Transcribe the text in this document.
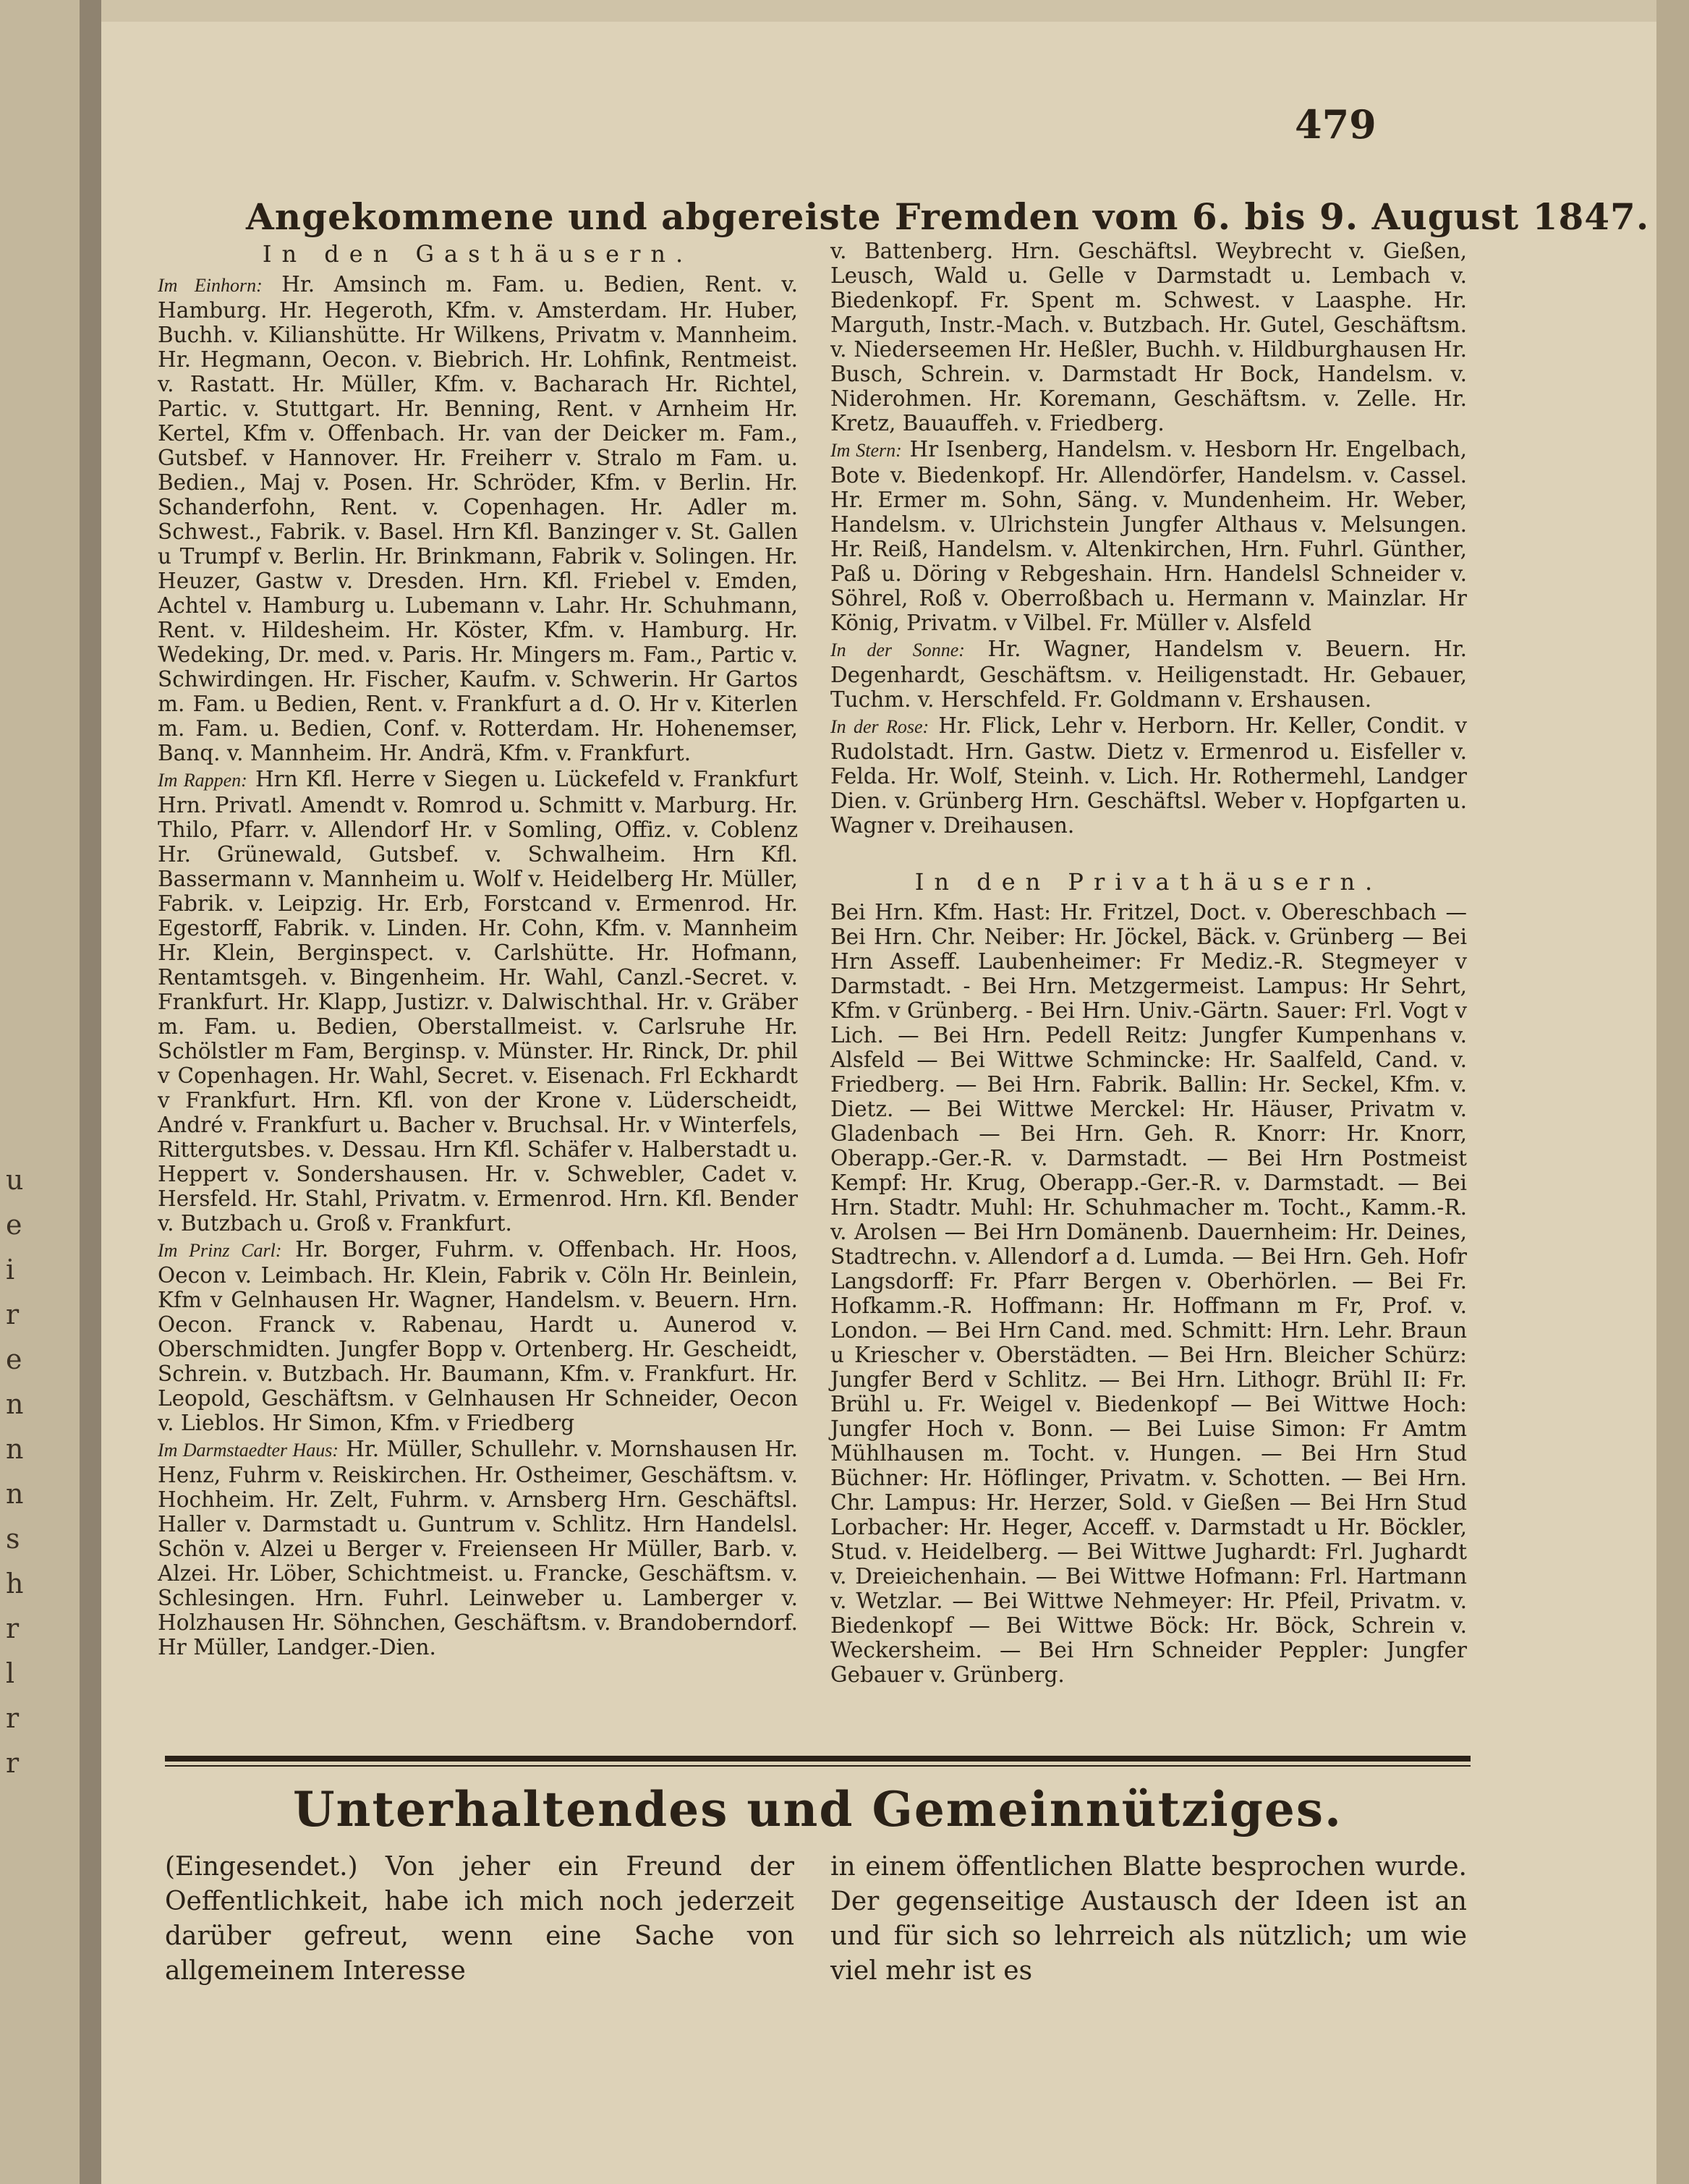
u
e
i
r
e
n
n
n
s
h
r
l
r
r
479
Angekommene und abgereiste Fremden vom 6. bis 9. August 1847.
In den Gasthäusern.

Im Einhorn: Hr. Amsinch m. Fam. u. Bedien, Rent. v. Hamburg. Hr. Hegeroth, Kfm. v. Amsterdam. Hr. Huber, Buchh. v. Kilianshütte. Hr Wilkens, Privatm v. Mannheim. Hr. Hegmann, Oecon. v. Biebrich. Hr. Lohfink, Rentmeist. v. Rastatt. Hr. Müller, Kfm. v. Bacharach Hr. Richtel, Partic. v. Stuttgart. Hr. Benning, Rent. v Arnheim Hr. Kertel, Kfm v. Offenbach. Hr. van der Deicker m. Fam., Gutsbef. v Hannover. Hr. Freiherr v. Stralo m Fam. u. Bedien., Maj v. Posen. Hr. Schröder, Kfm. v Berlin. Hr. Schanderfohn, Rent. v. Copenhagen. Hr. Adler m. Schwest., Fabrik. v. Basel. Hrn Kfl. Banzinger v. St. Gallen u Trumpf v. Berlin. Hr. Brinkmann, Fabrik v. Solingen. Hr. Heuzer, Gastw v. Dresden. Hrn. Kfl. Friebel v. Emden, Achtel v. Hamburg u. Lubemann v. Lahr. Hr. Schuhmann, Rent. v. Hildesheim. Hr. Köster, Kfm. v. Hamburg. Hr. Wedeking, Dr. med. v. Paris. Hr. Mingers m. Fam., Partic v. Schwirdingen. Hr. Fischer, Kaufm. v. Schwerin. Hr Gartos m. Fam. u Bedien, Rent. v. Frankfurt a d. O. Hr v. Kiterlen m. Fam. u. Bedien, Conf. v. Rotterdam. Hr. Hohenemser, Banq. v. Mannheim. Hr. Andrä, Kfm. v. Frankfurt.

Im Rappen: Hrn Kfl. Herre v Siegen u. Lückefeld v. Frankfurt Hrn. Privatl. Amendt v. Romrod u. Schmitt v. Marburg. Hr. Thilo, Pfarr. v. Allendorf Hr. v Somling, Offiz. v. Coblenz Hr. Grünewald, Gutsbef. v. Schwalheim. Hrn Kfl. Bassermann v. Mannheim u. Wolf v. Heidelberg Hr. Müller, Fabrik. v. Leipzig. Hr. Erb, Forstcand v. Ermenrod. Hr. Egestorff, Fabrik. v. Linden. Hr. Cohn, Kfm. v. Mannheim Hr. Klein, Berginspect. v. Carlshütte. Hr. Hofmann, Rentamtsgeh. v. Bingenheim. Hr. Wahl, Canzl.-Secret. v. Frankfurt. Hr. Klapp, Justizr. v. Dalwischthal. Hr. v. Gräber m. Fam. u. Bedien, Oberstallmeist. v. Carlsruhe Hr. Schölstler m Fam, Berginsp. v. Münster. Hr. Rinck, Dr. phil v Copenhagen. Hr. Wahl, Secret. v. Eisenach. Frl Eckhardt v Frankfurt. Hrn. Kfl. von der Krone v. Lüderscheidt, André v. Frankfurt u. Bacher v. Bruchsal. Hr. v Winterfels, Rittergutsbes. v. Dessau. Hrn Kfl. Schäfer v. Halberstadt u. Heppert v. Sondershausen. Hr. v. Schwebler, Cadet v. Hersfeld. Hr. Stahl, Privatm. v. Ermenrod. Hrn. Kfl. Bender v. Butzbach u. Groß v. Frankfurt.

Im Prinz Carl: Hr. Borger, Fuhrm. v. Offenbach. Hr. Hoos, Oecon v. Leimbach. Hr. Klein, Fabrik v. Cöln Hr. Beinlein, Kfm v Gelnhausen Hr. Wagner, Handelsm. v. Beuern. Hrn. Oecon. Franck v. Rabenau, Hardt u. Aunerod v. Oberschmidten. Jungfer Bopp v. Ortenberg. Hr. Gescheidt, Schrein. v. Butzbach. Hr. Baumann, Kfm. v. Frankfurt. Hr. Leopold, Geschäftsm. v Gelnhausen Hr Schneider, Oecon v. Lieblos. Hr Simon, Kfm. v Friedberg

Im Darmstaedter Haus: Hr. Müller, Schullehr. v. Mornshausen Hr. Henz, Fuhrm v. Reiskirchen. Hr. Ostheimer, Geschäftsm. v. Hochheim. Hr. Zelt, Fuhrm. v. Arnsberg Hrn. Geschäftsl. Haller v. Darmstadt u. Guntrum v. Schlitz. Hrn Handelsl. Schön v. Alzei u Berger v. Freienseen Hr Müller, Barb. v. Alzei. Hr. Löber, Schichtmeist. u. Francke, Geschäftsm. v. Schlesingen. Hrn. Fuhrl. Leinweber u. Lamberger v. Holzhausen Hr. Söhnchen, Geschäftsm. v. Brandoberndorf. Hr Müller, Landger.-Dien.

v. Battenberg. Hrn. Geschäftsl. Weybrecht v. Gießen, Leusch, Wald u. Gelle v Darmstadt u. Lembach v. Biedenkopf. Fr. Spent m. Schwest. v Laasphe. Hr. Marguth, Instr.-Mach. v. Butzbach. Hr. Gutel, Geschäftsm. v. Niederseemen Hr. Heßler, Buchh. v. Hildburghausen Hr. Busch, Schrein. v. Darmstadt Hr Bock, Handelsm. v. Niderohmen. Hr. Koremann, Geschäftsm. v. Zelle. Hr. Kretz, Bauauffeh. v. Friedberg.

Im Stern: Hr Isenberg, Handelsm. v. Hesborn Hr. Engelbach, Bote v. Biedenkopf. Hr. Allendörfer, Handelsm. v. Cassel. Hr. Ermer m. Sohn, Säng. v. Mundenheim. Hr. Weber, Handelsm. v. Ulrichstein Jungfer Althaus v. Melsungen. Hr. Reiß, Handelsm. v. Altenkirchen, Hrn. Fuhrl. Günther, Paß u. Döring v Rebgeshain. Hrn. Handelsl Schneider v. Söhrel, Roß v. Oberroßbach u. Hermann v. Mainzlar. Hr König, Privatm. v Vilbel. Fr. Müller v. Alsfeld

In der Sonne: Hr. Wagner, Handelsm v. Beuern. Hr. Degenhardt, Geschäftsm. v. Heiligenstadt. Hr. Gebauer, Tuchm. v. Herschfeld. Fr. Goldmann v. Ershausen.

In der Rose: Hr. Flick, Lehr v. Herborn. Hr. Keller, Condit. v Rudolstadt. Hrn. Gastw. Dietz v. Ermenrod u. Eisfeller v. Felda. Hr. Wolf, Steinh. v. Lich. Hr. Rothermehl, Landger Dien. v. Grünberg Hrn. Geschäftsl. Weber v. Hopfgarten u. Wagner v. Dreihausen.

In den Privathäusern.

Bei Hrn. Kfm. Hast: Hr. Fritzel, Doct. v. Obereschbach — Bei Hrn. Chr. Neiber: Hr. Jöckel, Bäck. v. Grünberg — Bei Hrn Asseff. Laubenheimer: Fr Mediz.-R. Stegmeyer v Darmstadt. - Bei Hrn. Metzgermeist. Lampus: Hr Sehrt, Kfm. v Grünberg. - Bei Hrn. Univ.-Gärtn. Sauer: Frl. Vogt v Lich. — Bei Hrn. Pedell Reitz: Jungfer Kumpenhans v. Alsfeld — Bei Wittwe Schmincke: Hr. Saalfeld, Cand. v. Friedberg. — Bei Hrn. Fabrik. Ballin: Hr. Seckel, Kfm. v. Dietz. — Bei Wittwe Merckel: Hr. Häuser, Privatm v. Gladenbach — Bei Hrn. Geh. R. Knorr: Hr. Knorr, Oberapp.-Ger.-R. v. Darmstadt. — Bei Hrn Postmeist Kempf: Hr. Krug, Oberapp.-Ger.-R. v. Darmstadt. — Bei Hrn. Stadtr. Muhl: Hr. Schuhmacher m. Tocht., Kamm.-R. v. Arolsen — Bei Hrn Domänenb. Dauernheim: Hr. Deines, Stadtrechn. v. Allendorf a d. Lumda. — Bei Hrn. Geh. Hofr Langsdorff: Fr. Pfarr Bergen v. Oberhörlen. — Bei Fr. Hofkamm.-R. Hoffmann: Hr. Hoffmann m Fr, Prof. v. London. — Bei Hrn Cand. med. Schmitt: Hrn. Lehr. Braun u Kriescher v. Oberstädten. — Bei Hrn. Bleicher Schürz: Jungfer Berd v Schlitz. — Bei Hrn. Lithogr. Brühl II: Fr. Brühl u. Fr. Weigel v. Biedenkopf — Bei Wittwe Hoch: Jungfer Hoch v. Bonn. — Bei Luise Simon: Fr Amtm Mühlhausen m. Tocht. v. Hungen. — Bei Hrn Stud Büchner: Hr. Höflinger, Privatm. v. Schotten. — Bei Hrn. Chr. Lampus: Hr. Herzer, Sold. v Gießen — Bei Hrn Stud Lorbacher: Hr. Heger, Acceff. v. Darmstadt u Hr. Böckler, Stud. v. Heidelberg. — Bei Wittwe Jughardt: Frl. Jughardt v. Dreieichenhain. — Bei Wittwe Hofmann: Frl. Hartmann v. Wetzlar. — Bei Wittwe Nehmeyer: Hr. Pfeil, Privatm. v. Biedenkopf — Bei Wittwe Böck: Hr. Böck, Schrein v. Weckersheim. — Bei Hrn Schneider Peppler: Jungfer Gebauer v. Grünberg.

Unterhaltendes und Gemeinnütziges.
(Eingesendet.) Von jeher ein Freund der Oeffentlichkeit, habe ich mich noch jederzeit darüber gefreut, wenn eine Sache von allgemeinem Interesse
in einem öffentlichen Blatte besprochen wurde. Der gegenseitige Austausch der Ideen ist an und für sich so lehrreich als nützlich; um wie viel mehr ist es
